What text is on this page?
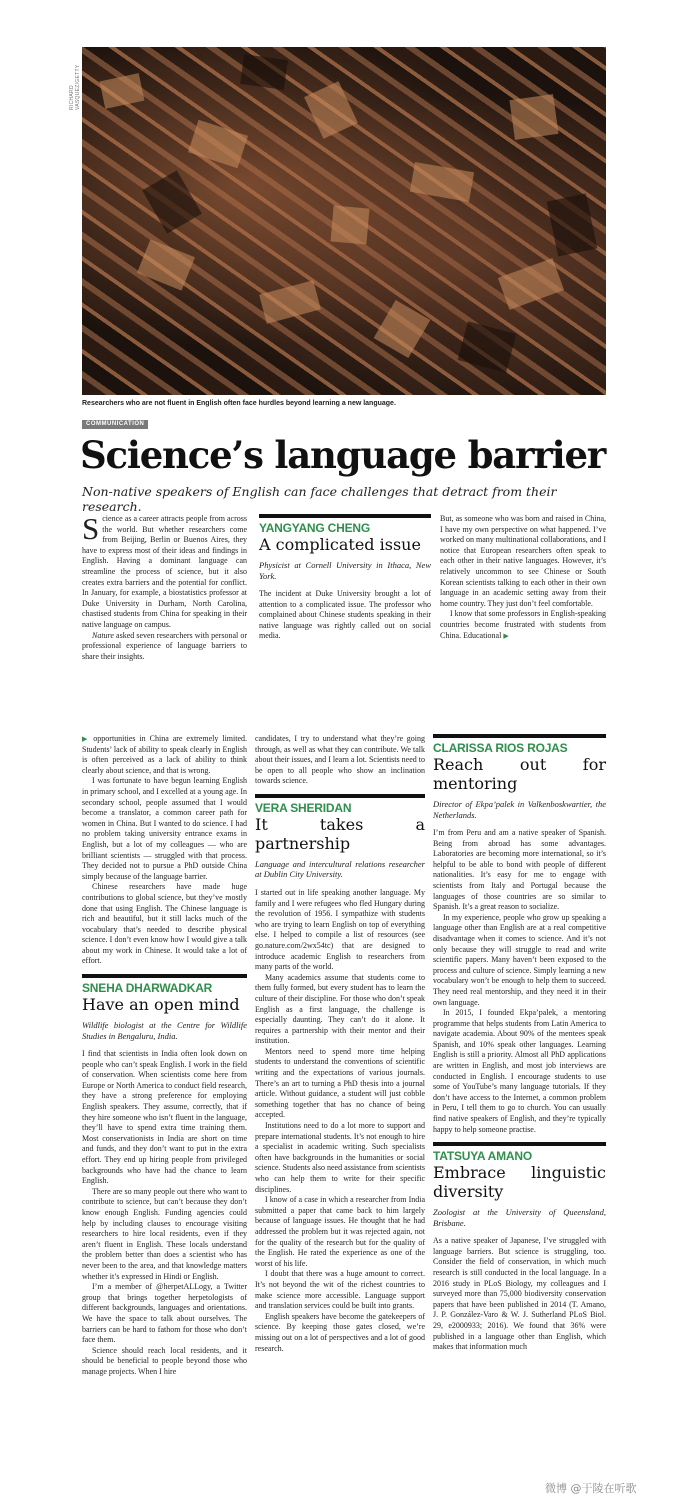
RICHARD VASQUEZ/GETTY
Researchers who are not fluent in English often face hurdles beyond learning a new language.
COMMUNICATION
Science’s language barrier
Non-native speakers of English can face challenges that detract from their research.

Science as a career attracts people from across the world. But whether researchers come from Beijing, Berlin or Buenos Aires, they have to express most of their ideas and findings in English. Having a dominant language can streamline the process of science, but it also creates extra barriers and the potential for conflict. In January, for example, a biostatistics professor at Duke University in Durham, North Carolina, chastised students from China for speaking in their native language on campus.

Nature asked seven researchers with personal or professional experience of language barriers to share their insights.

YANGYANG CHENG
A complicated issue
Physicist at Cornell University in Ithaca, New York.

The incident at Duke University brought a lot of attention to a complicated issue. The professor who complained about Chinese students speaking in their native language was rightly called out on social media.

But, as someone who was born and raised in China, I have my own perspective on what happened. I’ve worked on many multinational collaborations, and I notice that European researchers often speak to each other in their native languages. However, it’s relatively uncommon to see Chinese or South Korean scientists talking to each other in their own language in an academic setting away from their home country. They just don’t feel comfortable.

I know that some professors in English-speaking countries become frustrated with students from China. Educational ▶

▶ opportunities in China are extremely limited. Students’ lack of ability to speak clearly in English is often perceived as a lack of ability to think clearly about science, and that is wrong.

I was fortunate to have begun learning English in primary school, and I excelled at a young age. In secondary school, people assumed that I would become a translator, a common career path for women in China. But I wanted to do science. I had no problem taking university entrance exams in English, but a lot of my colleagues — who are brilliant scientists — struggled with that process. They decided not to pursue a PhD outside China simply because of the language barrier.

Chinese researchers have made huge contributions to global science, but they’ve mostly done that using English. The Chinese language is rich and beautiful, but it still lacks much of the vocabulary that’s needed to describe physical science. I don’t even know how I would give a talk about my work in Chinese. It would take a lot of effort.

SNEHA DHARWADKAR
Have an open mind
Wildlife biologist at the Centre for Wildlife Studies in Bengaluru, India.

I find that scientists in India often look down on people who can’t speak English. I work in the field of conservation. When scientists come here from Europe or North America to conduct field research, they have a strong preference for employing English speakers. They assume, correctly, that if they hire someone who isn’t fluent in the language, they’ll have to spend extra time training them. Most conservationists in India are short on time and funds, and they don’t want to put in the extra effort. They end up hiring people from privileged backgrounds who have had the chance to learn English.

There are so many people out there who want to contribute to science, but can’t because they don’t know enough English. Funding agencies could help by including clauses to encourage visiting researchers to hire local residents, even if they aren’t fluent in English. These locals understand the problem better than does a scientist who has never been to the area, and that knowledge matters whether it’s expressed in Hindi or English.

I’m a member of @herpetALLogy, a Twitter group that brings together herpetologists of different backgrounds, languages and orientations. We have the space to talk about ourselves. The barriers can be hard to fathom for those who don’t face them.

Science should reach local residents, and it should be beneficial to people beyond those who manage projects. When I hire

candidates, I try to understand what they’re going through, as well as what they can contribute. We talk about their issues, and I learn a lot. Scientists need to be open to all people who show an inclination towards science.

VERA SHERIDAN
It takes a partnership
Language and intercultural relations researcher at Dublin City University.

I started out in life speaking another language. My family and I were refugees who fled Hungary during the revolution of 1956. I sympathize with students who are trying to learn English on top of everything else. I helped to compile a list of resources (see go.nature.com/2wx54tc) that are designed to introduce academic English to researchers from many parts of the world.

Many academics assume that students come to them fully formed, but every student has to learn the culture of their discipline. For those who don’t speak English as a first language, the challenge is especially daunting. They can’t do it alone. It requires a partnership with their mentor and their institution.

Mentors need to spend more time helping students to understand the conventions of scientific writing and the expectations of various journals. There’s an art to turning a PhD thesis into a journal article. Without guidance, a student will just cobble something together that has no chance of being accepted.

Institutions need to do a lot more to support and prepare international students. It’s not enough to hire a specialist in academic writing. Such specialists often have backgrounds in the humanities or social science. Students also need assistance from scientists who can help them to write for their specific disciplines.

I know of a case in which a researcher from India submitted a paper that came back to him largely because of language issues. He thought that he had addressed the problem but it was rejected again, not for the quality of the research but for the quality of the English. He rated the experience as one of the worst of his life.

I doubt that there was a huge amount to correct. It’s not beyond the wit of the richest countries to make science more accessible. Language support and translation services could be built into grants.

English speakers have become the gatekeepers of science. By keeping those gates closed, we’re missing out on a lot of perspectives and a lot of good research.

CLARISSA RIOS ROJAS
Reach out for mentoring
Director of Ekpa’palek in Valkenboskwartier, the Netherlands.

I’m from Peru and am a native speaker of Spanish. Being from abroad has some advantages. Laboratories are becoming more international, so it’s helpful to be able to bond with people of different nationalities. It’s easy for me to engage with scientists from Italy and Portugal because the languages of those countries are so similar to Spanish. It’s a great reason to socialize.

In my experience, people who grow up speaking a language other than English are at a real competitive disadvantage when it comes to science. And it’s not only because they will struggle to read and write scientific papers. Many haven’t been exposed to the process and culture of science. Simply learning a new vocabulary won’t be enough to help them to succeed. They need real mentorship, and they need it in their own language.

In 2015, I founded Ekpa’palek, a mentoring programme that helps students from Latin America to navigate academia. About 90% of the mentees speak Spanish, and 10% speak other languages. Learning English is still a priority. Almost all PhD applications are written in English, and most job interviews are conducted in English. I encourage students to use some of YouTube’s many language tutorials. If they don’t have access to the Internet, a common problem in Peru, I tell them to go to church. You can usually find native speakers of English, and they’re typically happy to help someone practise.

TATSUYA AMANO
Embrace linguistic diversity
Zoologist at the University of Queensland, Brisbane.

As a native speaker of Japanese, I’ve struggled with language barriers. But science is struggling, too. Consider the field of conservation, in which much research is still conducted in the local language. In a 2016 study in PLoS Biology, my colleagues and I surveyed more than 75,000 biodiversity conservation papers that have been published in 2014 (T. Amano, J. P. González-Varo & W. J. Sutherland PLoS Biol. 29, e2000933; 2016). We found that 36% were published in a language other than English, which makes that information much

微博 @于陵在听歌
